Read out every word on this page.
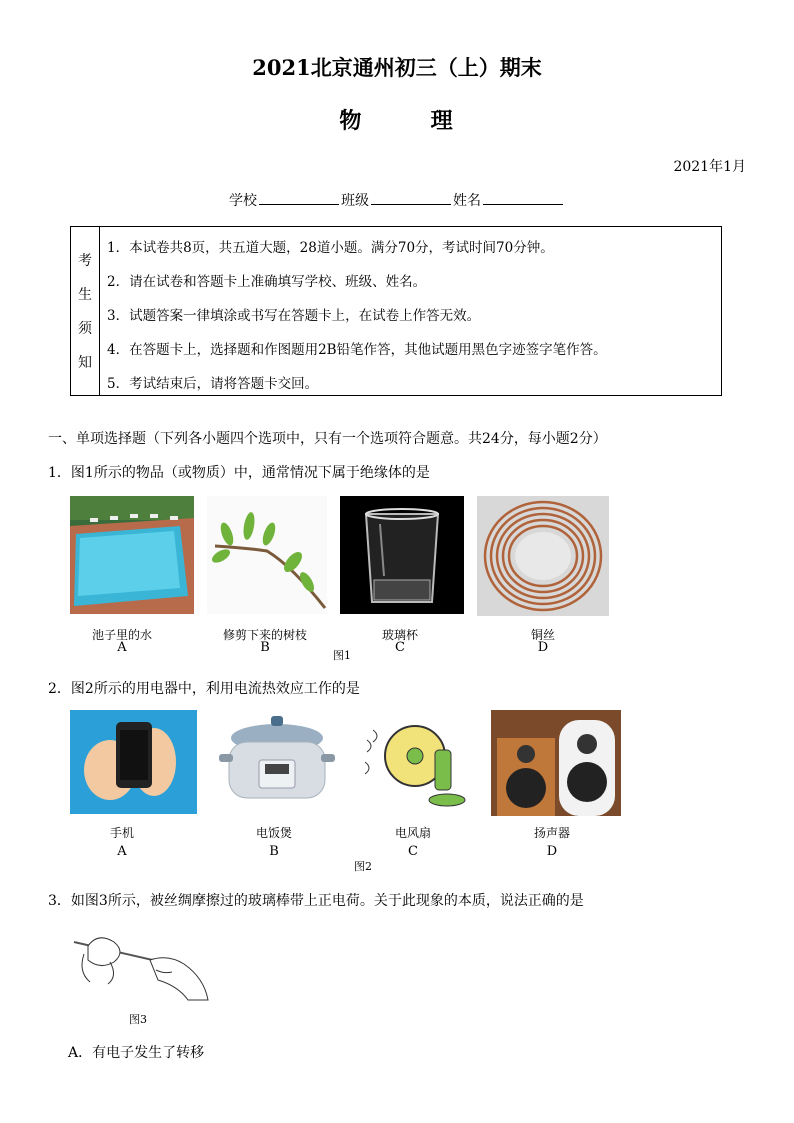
2021北京通州初三（上）期末
物	理
2021年1月
学校	班级	姓名
考
生
须
知
1．本试卷共8页，共五道大题，28道小题。满分70分，考试时间70分钟。
2．请在试卷和答题卡上准确填写学校、班级、姓名。
3．试题答案一律填涂或书写在答题卡上，在试卷上作答无效。
4．在答题卡上，选择题和作图题用2B铅笔作答，其他试题用黑色字迹签字笔作答。
5．考试结束后，请将答题卡交回。
一、单项选择题（下列各小题四个选项中，只有一个选项符合题意。共24分，每小题2分）
1．图1所示的物品（或物质）中，通常情况下属于绝缘体的是
池子里的水	修剪下来的树枝	玻璃杯	铜丝
A	B	C	D
图1
2．图2所示的用电器中，利用电流热效应工作的是
手机	电饭煲	电风扇	扬声器
A	B	C	D
图2
3．如图3所示，被丝绸摩擦过的玻璃棒带上正电荷。关于此现象的本质，说法正确的是
图3
A．有电子发生了转移
